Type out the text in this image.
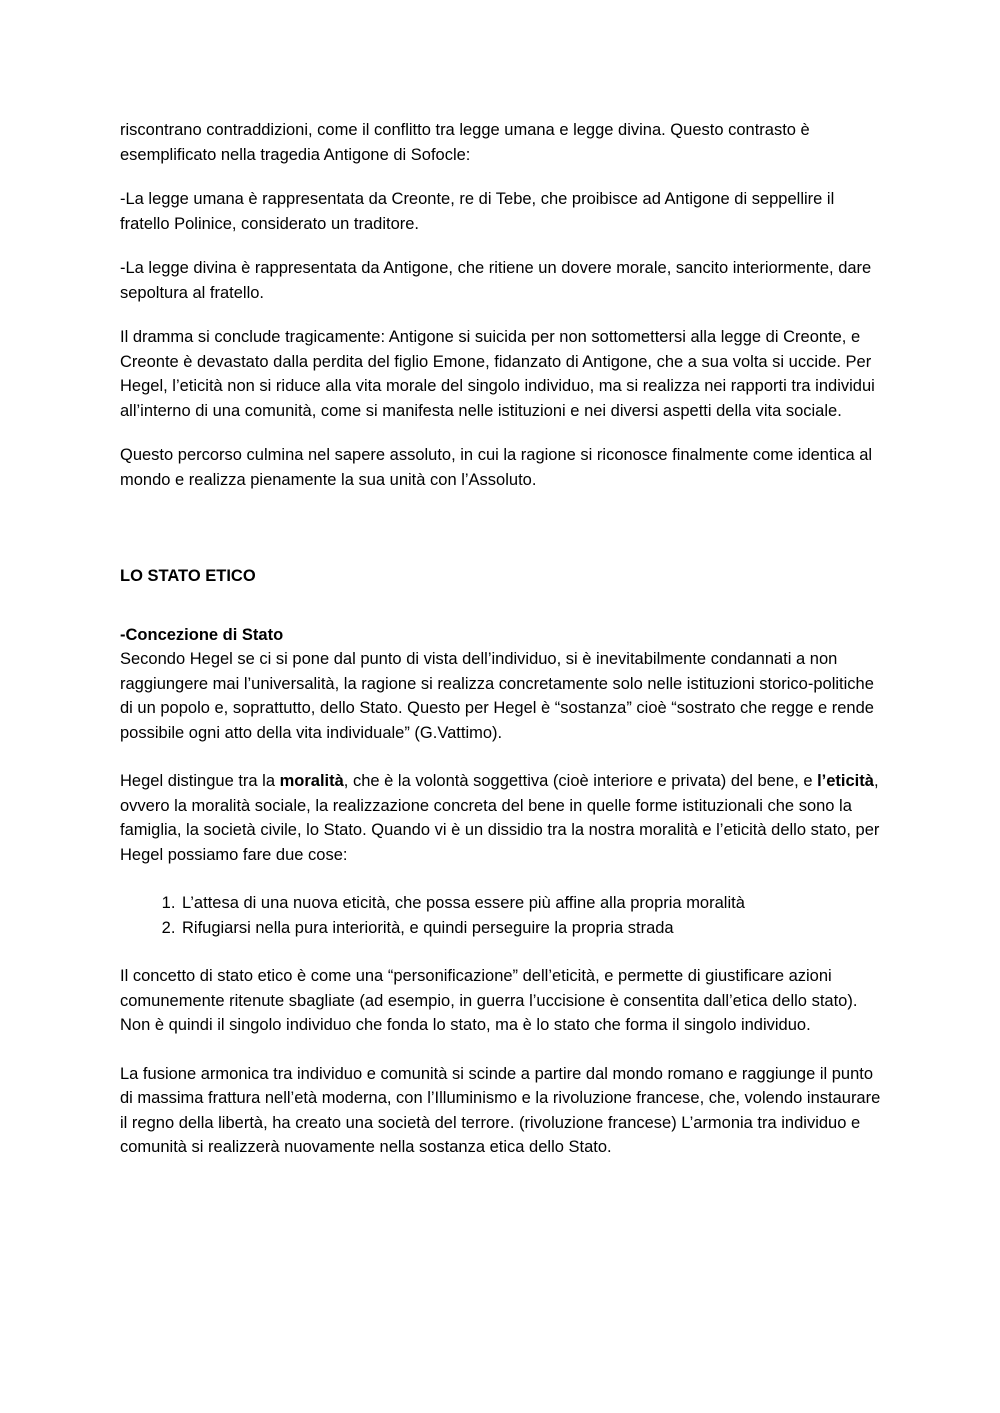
riscontrano contraddizioni, come il conflitto tra legge umana e legge divina. Questo contrasto è esemplificato nella tragedia Antigone di Sofocle:

-La legge umana è rappresentata da Creonte, re di Tebe, che proibisce ad Antigone di seppellire il fratello Polinice, considerato un traditore.

-La legge divina è rappresentata da Antigone, che ritiene un dovere morale, sancito interiormente, dare sepoltura al fratello.

Il dramma si conclude tragicamente: Antigone si suicida per non sottomettersi alla legge di Creonte, e Creonte è devastato dalla perdita del figlio Emone, fidanzato di Antigone, che a sua volta si uccide. Per Hegel, l’eticità non si riduce alla vita morale del singolo individuo, ma si realizza nei rapporti tra individui all’interno di una comunità, come si manifesta nelle istituzioni e nei diversi aspetti della vita sociale.

Questo percorso culmina nel sapere assoluto, in cui la ragione si riconosce finalmente come identica al mondo e realizza pienamente la sua unità con l’Assoluto.

LO STATO ETICO

-Concezione di Stato

Secondo Hegel se ci si pone dal punto di vista dell’individuo, si è inevitabilmente condannati a non raggiungere mai l’universalità, la ragione si realizza concretamente solo nelle istituzioni storico-politiche di un popolo e, soprattutto, dello Stato. Questo per Hegel è “sostanza” cioè “sostrato che regge e rende possibile ogni atto della vita individuale” (G.Vattimo).

Hegel distingue tra la moralità, che è la volontà soggettiva (cioè interiore e privata) del bene, e l’eticità, ovvero la moralità sociale, la realizzazione concreta del bene in quelle forme istituzionali che sono la famiglia, la società civile, lo Stato. Quando vi è un dissidio tra la nostra moralità e l’eticità dello stato, per Hegel possiamo fare due cose:

1. L’attesa di una nuova eticità, che possa essere più affine alla propria moralità
2. Rifugiarsi nella pura interiorità, e quindi perseguire la propria strada

Il concetto di stato etico è come una “personificazione” dell’eticità, e permette di giustificare azioni comunemente ritenute sbagliate (ad esempio, in guerra l’uccisione è consentita dall’etica dello stato). Non è quindi il singolo individuo che fonda lo stato, ma è lo stato che forma il singolo individuo.

La fusione armonica tra individuo e comunità si scinde a partire dal mondo romano e raggiunge il punto di massima frattura nell’età moderna, con l’Illuminismo e la rivoluzione francese, che, volendo instaurare il regno della libertà, ha creato una società del terrore. (rivoluzione francese) L’armonia tra individuo e comunità si realizzerà nuovamente nella sostanza etica dello Stato.
